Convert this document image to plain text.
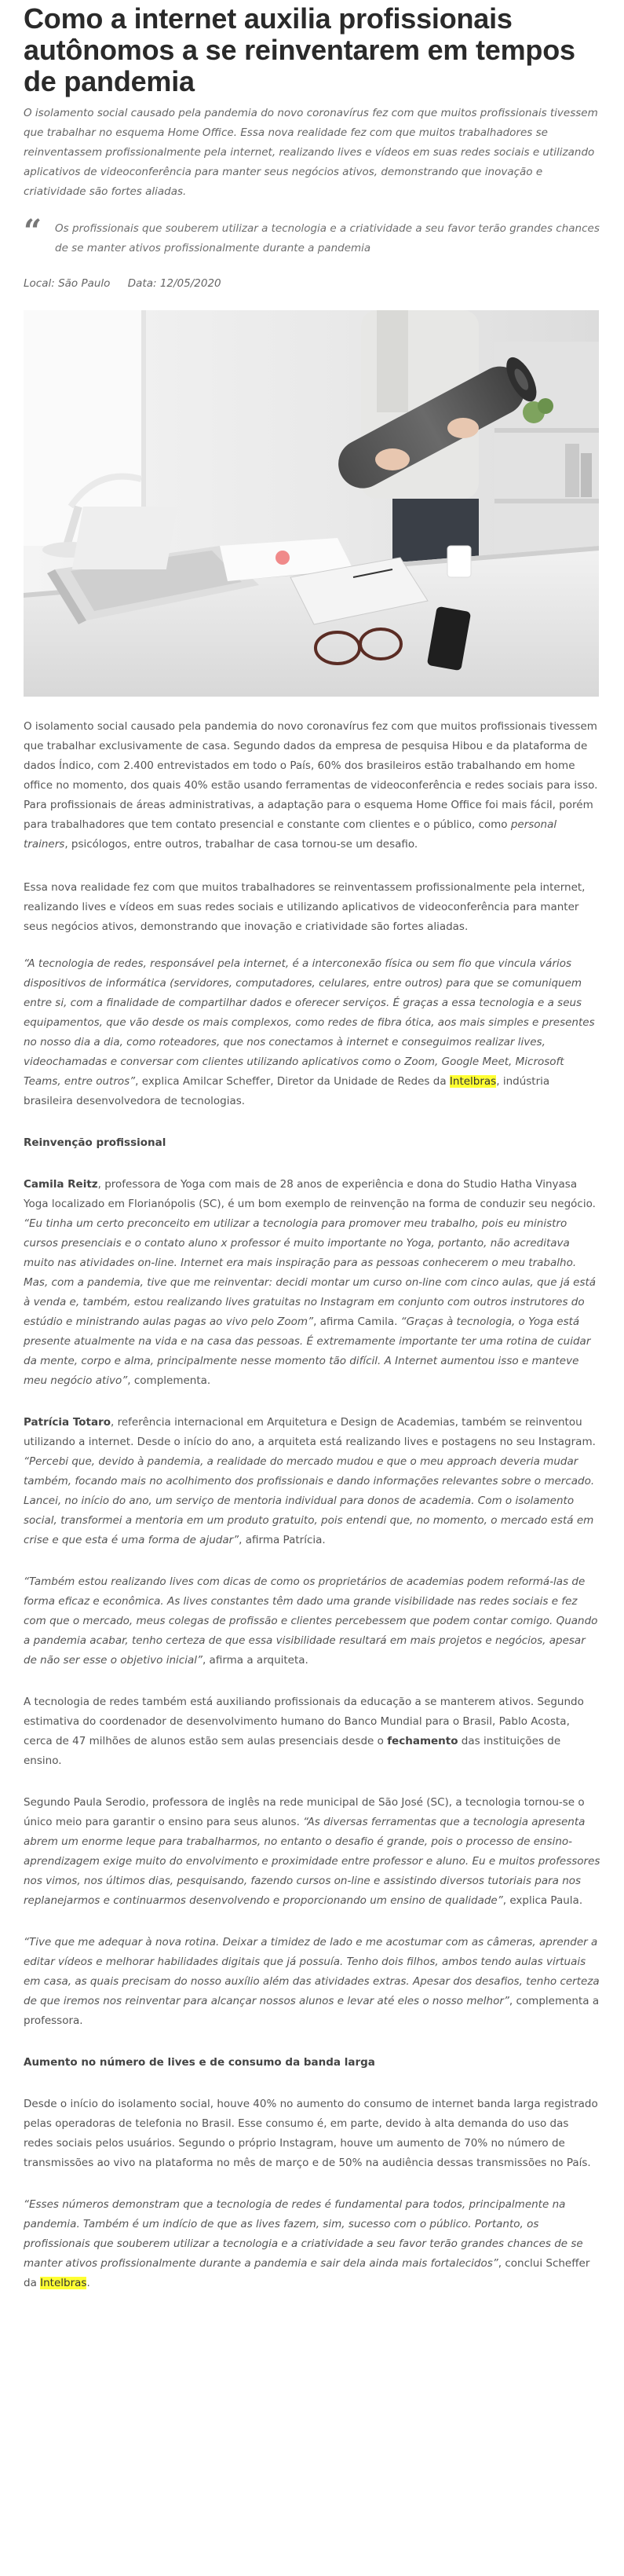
Como a internet auxilia profissionais autônomos a se reinventarem em tempos de pandemia

O isolamento social causado pela pandemia do novo coronavírus fez com que muitos profissionais tivessem que trabalhar no esquema Home Office. Essa nova realidade fez com que muitos trabalhadores se reinventassem profissionalmente pela internet, realizando lives e vídeos em suas redes sociais e utilizando aplicativos de videoconferência para manter seus negócios ativos, demonstrando que inovação e criatividade são fortes aliadas.

“	Os profissionais que souberem utilizar a tecnologia e a criatividade a seu favor terão grandes chances de se manter ativos profissionalmente durante a pandemia
Local: São Paulo Data: 12/05/2020

O isolamento social causado pela pandemia do novo coronavírus fez com que muitos profissionais tivessem que trabalhar exclusivamente de casa. Segundo dados da empresa de pesquisa Hibou e da plataforma de dados Índico, com 2.400 entrevistados em todo o País, 60% dos brasileiros estão trabalhando em home office no momento, dos quais 40% estão usando ferramentas de videoconferência e redes sociais para isso. Para profissionais de áreas administrativas, a adaptação para o esquema Home Office foi mais fácil, porém para trabalhadores que tem contato presencial e constante com clientes e o público, como personal trainers, psicólogos, entre outros, trabalhar de casa tornou-se um desafio.

Essa nova realidade fez com que muitos trabalhadores se reinventassem profissionalmente pela internet, realizando lives e vídeos em suas redes sociais e utilizando aplicativos de videoconferência para manter seus negócios ativos, demonstrando que inovação e criatividade são fortes aliadas.

“A tecnologia de redes, responsável pela internet, é a interconexão física ou sem fio que vincula vários dispositivos de informática (servidores, computadores, celulares, entre outros) para que se comuniquem entre si, com a finalidade de compartilhar dados e oferecer serviços. É graças a essa tecnologia e a seus equipamentos, que vão desde os mais complexos, como redes de fibra ótica, aos mais simples e presentes no nosso dia a dia, como roteadores, que nos conectamos à internet e conseguimos realizar lives, videochamadas e conversar com clientes utilizando aplicativos como o Zoom, Google Meet, Microsoft Teams, entre outros”, explica Amilcar Scheffer, Diretor da Unidade de Redes da Intelbras, indústria brasileira desenvolvedora de tecnologias.

Reinvenção profissional

Camila Reitz, professora de Yoga com mais de 28 anos de experiência e dona do Studio Hatha Vinyasa Yoga localizado em Florianópolis (SC), é um bom exemplo de reinvenção na forma de conduzir seu negócio. “Eu tinha um certo preconceito em utilizar a tecnologia para promover meu trabalho, pois eu ministro cursos presenciais e o contato aluno x professor é muito importante no Yoga, portanto, não acreditava muito nas atividades on-line. Internet era mais inspiração para as pessoas conhecerem o meu trabalho. Mas, com a pandemia, tive que me reinventar: decidi montar um curso on-line com cinco aulas, que já está à venda e, também, estou realizando lives gratuitas no Instagram em conjunto com outros instrutores do estúdio e ministrando aulas pagas ao vivo pelo Zoom”, afirma Camila. “Graças à tecnologia, o Yoga está presente atualmente na vida e na casa das pessoas. É extremamente importante ter uma rotina de cuidar da mente, corpo e alma, principalmente nesse momento tão difícil. A Internet aumentou isso e manteve meu negócio ativo”, complementa.

Patrícia Totaro, referência internacional em Arquitetura e Design de Academias, também se reinventou utilizando a internet. Desde o início do ano, a arquiteta está realizando lives e postagens no seu Instagram. “Percebi que, devido à pandemia, a realidade do mercado mudou e que o meu approach deveria mudar também, focando mais no acolhimento dos profissionais e dando informações relevantes sobre o mercado. Lancei, no início do ano, um serviço de mentoria individual para donos de academia. Com o isolamento social, transformei a mentoria em um produto gratuito, pois entendi que, no momento, o mercado está em crise e que esta é uma forma de ajudar”, afirma Patrícia.

“Também estou realizando lives com dicas de como os proprietários de academias podem reformá-las de forma eficaz e econômica. As lives constantes têm dado uma grande visibilidade nas redes sociais e fez com que o mercado, meus colegas de profissão e clientes percebessem que podem contar comigo. Quando a pandemia acabar, tenho certeza de que essa visibilidade resultará em mais projetos e negócios, apesar de não ser esse o objetivo inicial”, afirma a arquiteta.

A tecnologia de redes também está auxiliando profissionais da educação a se manterem ativos. Segundo estimativa do coordenador de desenvolvimento humano do Banco Mundial para o Brasil, Pablo Acosta, cerca de 47 milhões de alunos estão sem aulas presenciais desde o fechamento das instituições de ensino.

Segundo Paula Serodio, professora de inglês na rede municipal de São José (SC), a tecnologia tornou-se o único meio para garantir o ensino para seus alunos. “As diversas ferramentas que a tecnologia apresenta abrem um enorme leque para trabalharmos, no entanto o desafio é grande, pois o processo de ensino-aprendizagem exige muito do envolvimento e proximidade entre professor e aluno. Eu e muitos professores nos vimos, nos últimos dias, pesquisando, fazendo cursos on-line e assistindo diversos tutoriais para nos replanejarmos e continuarmos desenvolvendo e proporcionando um ensino de qualidade”, explica Paula.

“Tive que me adequar à nova rotina. Deixar a timidez de lado e me acostumar com as câmeras, aprender a editar vídeos e melhorar habilidades digitais que já possuía. Tenho dois filhos, ambos tendo aulas virtuais em casa, as quais precisam do nosso auxílio além das atividades extras. Apesar dos desafios, tenho certeza de que iremos nos reinventar para alcançar nossos alunos e levar até eles o nosso melhor”, complementa a professora.

Aumento no número de lives e de consumo da banda larga

Desde o início do isolamento social, houve 40% no aumento do consumo de internet banda larga registrado pelas operadoras de telefonia no Brasil. Esse consumo é, em parte, devido à alta demanda do uso das redes sociais pelos usuários. Segundo o próprio Instagram, houve um aumento de 70% no número de transmissões ao vivo na plataforma no mês de março e de 50% na audiência dessas transmissões no País.

“Esses números demonstram que a tecnologia de redes é fundamental para todos, principalmente na pandemia. Também é um indício de que as lives fazem, sim, sucesso com o público. Portanto, os profissionais que souberem utilizar a tecnologia e a criatividade a seu favor terão grandes chances de se manter ativos profissionalmente durante a pandemia e sair dela ainda mais fortalecidos”, conclui Scheffer da Intelbras.
